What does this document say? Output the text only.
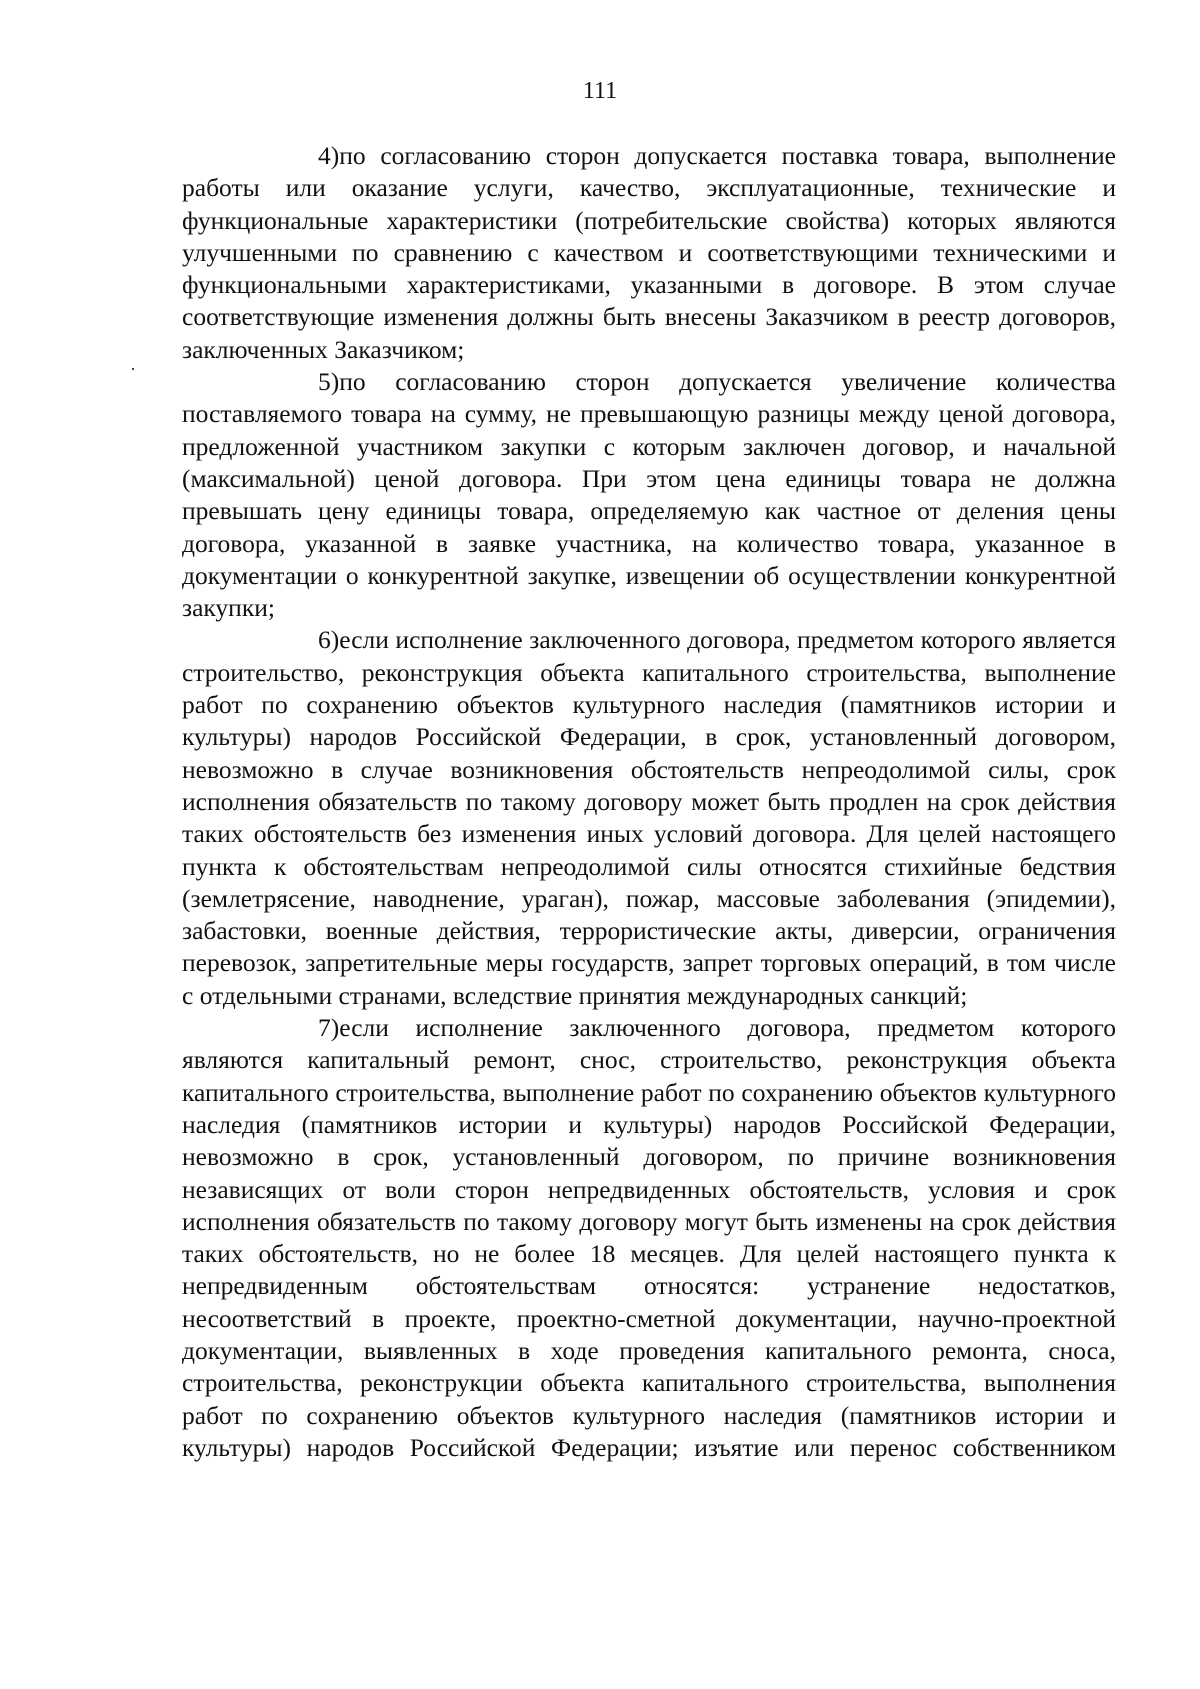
111

4)по согласованию сторон допускается поставка товара, выполнение работы или оказание услуги, качество, эксплуатационные, технические и функциональные характеристики (потребительские свойства) которых являются улучшенными по сравнению с качеством и соответствующими техническими и функциональными характеристиками, указанными в договоре. В этом случае соответствующие изменения должны быть внесены Заказчиком в реестр договоров, заключенных Заказчиком;

5)по согласованию сторон допускается увеличение количества поставляемого товара на сумму, не превышающую разницы между ценой договора, предложенной участником закупки с которым заключен договор, и начальной (максимальной) ценой договора. При этом цена единицы товара не должна превышать цену единицы товара, определяемую как частное от деления цены договора, указанной в заявке участника, на количество товара, указанное в документации о конкурентной закупке, извещении об осуществлении конкурентной закупки;

6)если исполнение заключенного договора, предметом которого является строительство, реконструкция объекта капитального строительства, выполнение работ по сохранению объектов культурного наследия (памятников истории и культуры) народов Российской Федерации, в срок, установленный договором, невозможно в случае возникновения обстоятельств непреодолимой силы, срок исполнения обязательств по такому договору может быть продлен на срок действия таких обстоятельств без изменения иных условий договора. Для целей настоящего пункта к обстоятельствам непреодолимой силы относятся стихийные бедствия (землетрясение, наводнение, ураган), пожар, массовые заболевания (эпидемии), забастовки, военные действия, террористические акты, диверсии, ограничения перевозок, запретительные меры государств, запрет торговых операций, в том числе с отдельными странами, вследствие принятия международных санкций;

7)если исполнение заключенного договора, предметом которого являются капитальный ремонт, снос, строительство, реконструкция объекта капитального строительства, выполнение работ по сохранению объектов культурного наследия (памятников истории и культуры) народов Российской Федерации, невозможно в срок, установленный договором, по причине возникновения независящих от воли сторон непредвиденных обстоятельств, условия и срок исполнения обязательств по такому договору могут быть изменены на срок действия таких обстоятельств, но не более 18 месяцев. Для целей настоящего пункта к непредвиденным обстоятельствам относятся: устранение недостатков, несоответствий в проекте, проектно-сметной документации, научно-проектной документации, выявленных в ходе проведения капитального ремонта, сноса, строительства, реконструкции объекта капитального строительства, выполнения работ по сохранению объектов культурного наследия (памятников истории и культуры) народов Российской Федерации; изъятие или перенос собственником
